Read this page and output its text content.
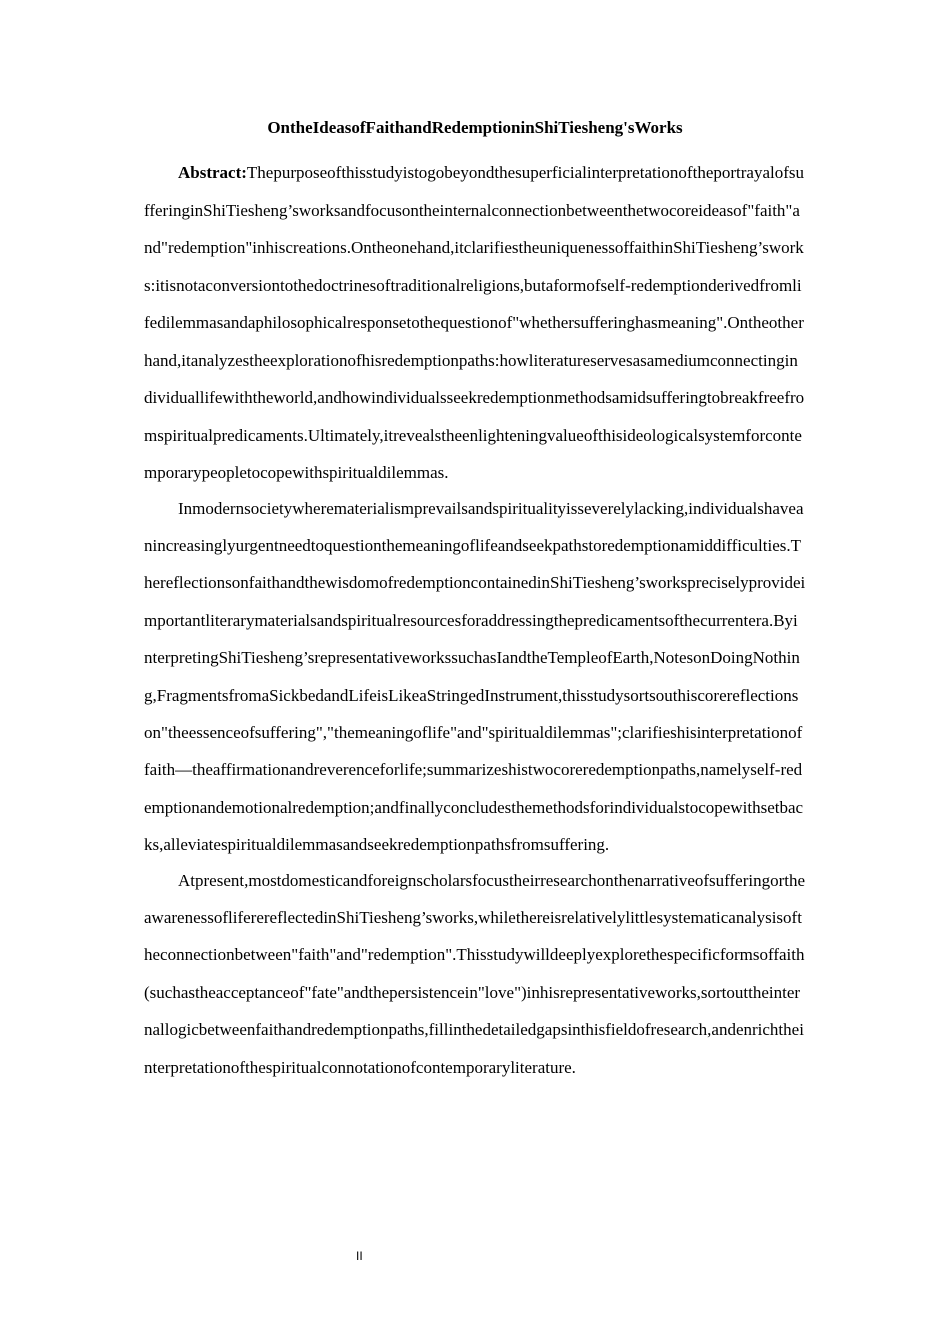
OntheIdeasofFaithandRedemptioninShiTiesheng'sWorks

Abstract:ThepurposeofthisstudyistogobeyondthesuperficialinterpretationoftheportrayalofsufferinginShiTiesheng’sworksandfocusontheinternalconnectionbetweenthetwocoreideasof"faith"and"redemption"inhiscreations.Ontheonehand,itclarifiestheuniquenessoffaithinShiTiesheng’sworks:itisnotaconversiontothedoctrinesoftraditionalreligions,butaformofself-redemptionderivedfromlifedilemmasandaphilosophicalresponsetothequestionof"whethersufferinghasmeaning".Ontheotherhand,itanalyzestheexplorationofhisredemptionpaths:howliteratureservesasamediumconnectingindividuallifewiththeworld,andhowindividualsseekredemptionmethodsamidsufferingtobreakfreefromspiritualpredicaments.Ultimately,itrevealstheenlighteningvalueofthisideologicalsystemforcontemporarypeopletocopewithspiritualdilemmas.

Inmodernsocietywherematerialismprevailsandspiritualityisseverelylacking,individualshaveanincreasinglyurgentneedtoquestionthemeaningoflifeandseekpathstoredemptionamiddifficulties.ThereflectionsonfaithandthewisdomofredemptioncontainedinShiTiesheng’sworkspreciselyprovideimportantliterarymaterialsandspiritualresourcesforaddressingthepredicamentsofthecurrentera.ByinterpretingShiTiesheng’srepresentativeworkssuchasIandtheTempleofEarth,NotesonDoingNothing,FragmentsfromaSickbedandLifeisLikeaStringedInstrument,thisstudysortsouthiscorereflectionson"theessenceofsuffering","themeaningoflife"and"spiritualdilemmas";clarifieshisinterpretationoffaith—theaffirmationandreverenceforlife;summarizeshistwocoreredemptionpaths,namelyself-redemptionandemotionalredemption;andfinallyconcludesthemethodsforindividualstocopewithsetbacks,alleviatespiritualdilemmasandseekredemptionpathsfromsuffering.

Atpresent,mostdomesticandforeignscholarsfocustheirresearchonthenarrativeofsufferingortheawarenessofliferereflectedinShiTiesheng’sworks,whilethereisrelativelylittlesystematicanalysisoftheconnectionbetween"faith"and"redemption".Thisstudywilldeeplyexplorethespecificformsoffaith(suchastheacceptanceof"fate"andthepersistencein"love")inhisrepresentativeworks,sortouttheinternallogicbetweenfaithandredemptionpaths,fillinthedetailedgapsinthisfieldofresearch,andenrichtheinterpretationofthespiritualconnotationofcontemporaryliterature.

II
